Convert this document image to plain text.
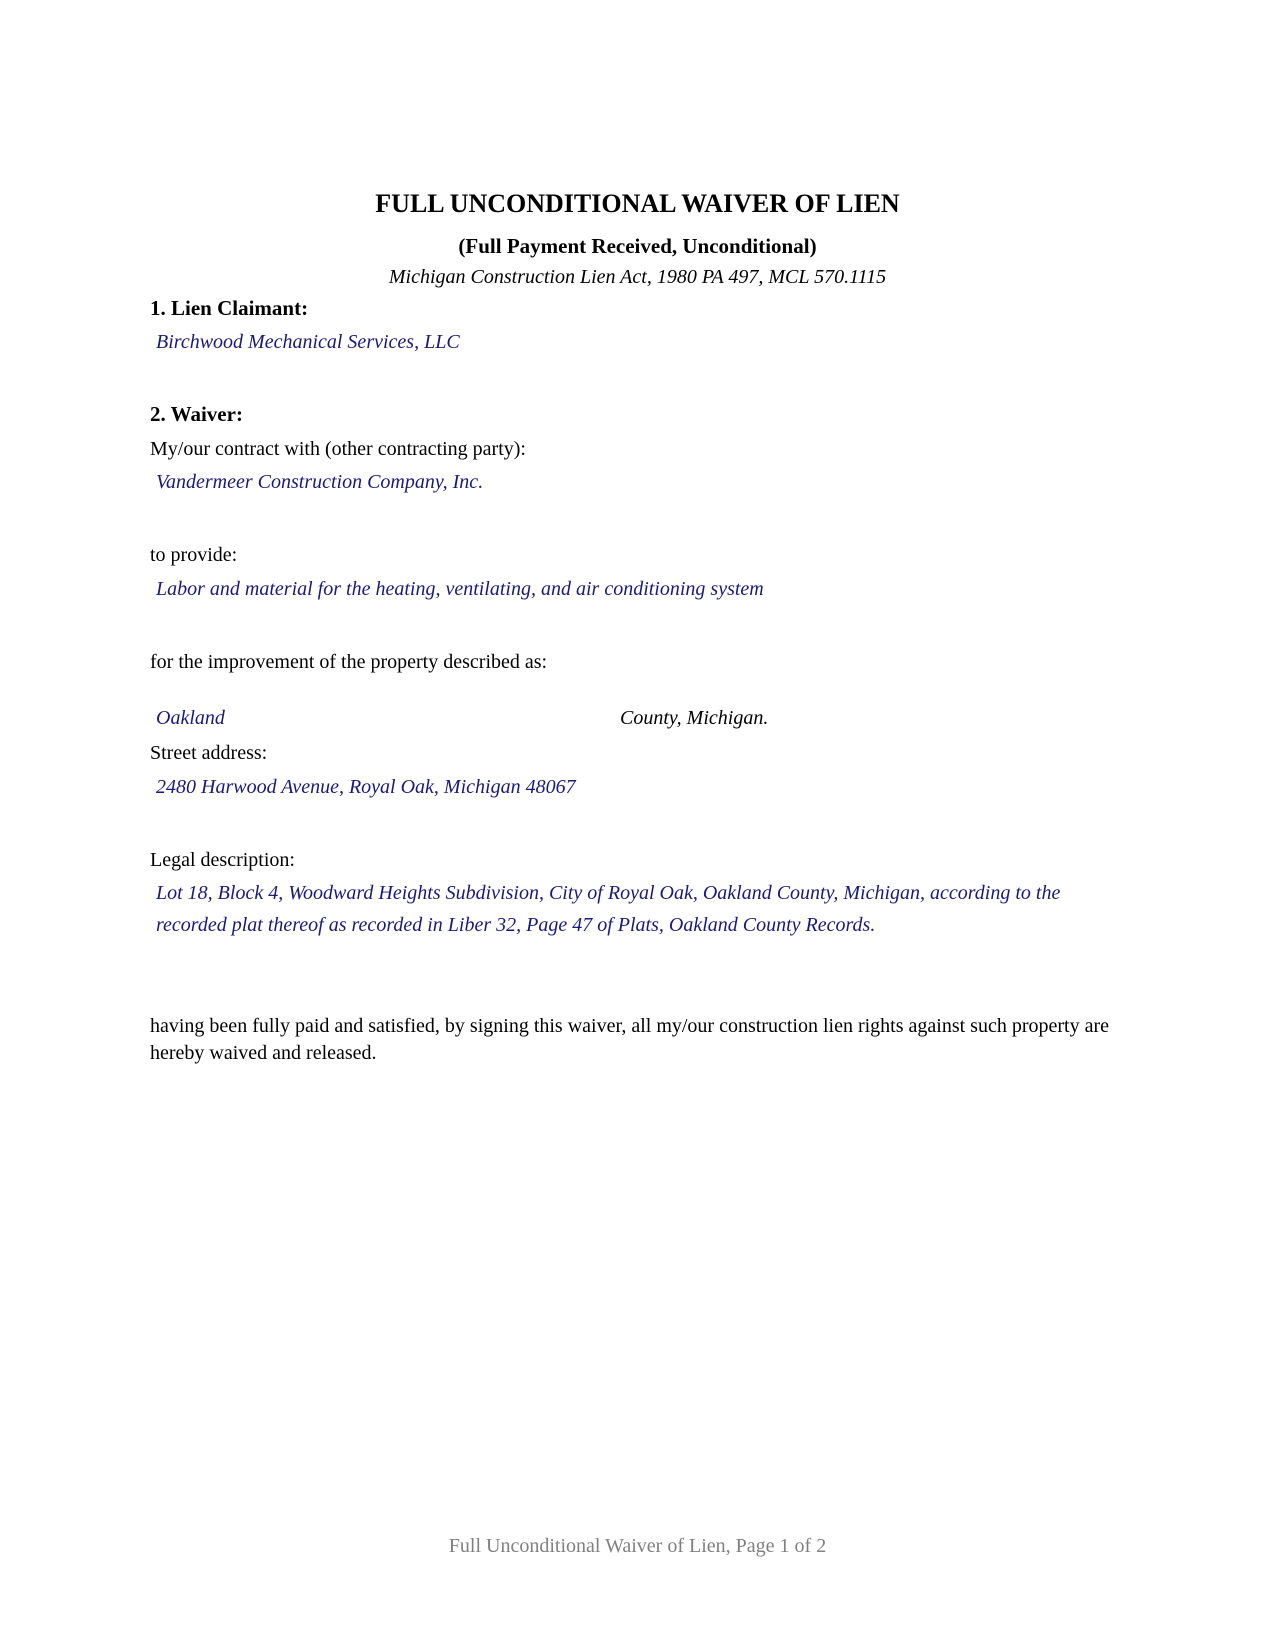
FULL UNCONDITIONAL WAIVER OF LIEN
(Full Payment Received, Unconditional)
Michigan Construction Lien Act, 1980 PA 497, MCL 570.1115
1. Lien Claimant:
Birchwood Mechanical Services, LLC
2. Waiver:
My/our contract with (other contracting party):
Vandermeer Construction Company, Inc.
to provide:
Labor and material for the heating, ventilating, and air conditioning system
for the improvement of the property described as:
Oakland	County, Michigan.
Street address:
2480 Harwood Avenue, Royal Oak, Michigan 48067
Legal description:
Lot 18, Block 4, Woodward Heights Subdivision, City of Royal Oak, Oakland County, Michigan, according to the recorded plat thereof as recorded in Liber 32, Page 47 of Plats, Oakland County Records.
having been fully paid and satisfied, by signing this waiver, all my/our construction lien rights against such property are hereby waived and released.
Full Unconditional Waiver of Lien, Page 1 of 2
